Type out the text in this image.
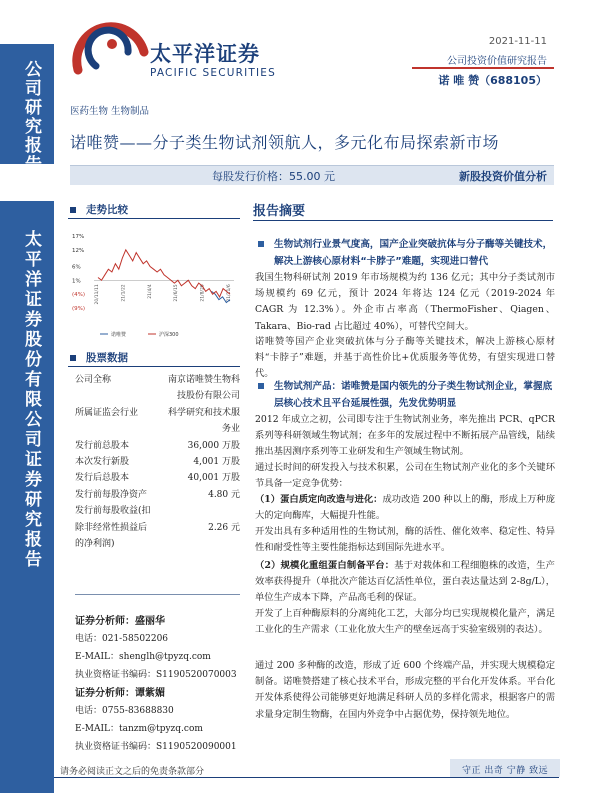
公司研究报告
太平洋证券股份有限公司证券研究报告
太平洋证券
PACIFIC SECURITIES
2021-11-11
公司投资价值研究报告
诺 唯 赞（688105）
医药生物 生物制品
诺唯赞——分子类生物试剂领航人，多元化布局探索新市场
每股发行价格：55.00 元	新股投资价值分析
走势比较
17%
12%
6%
1%
(4%)
(9%)
20/11/11	21/1/22	21/4/4	21/6/15	21/8/26	21/11/6
诺唯赞	沪深300
股票数据
公司全称	南京诺唯赞生物科
技股份有限公司
所属证监会行业	科学研究和技术服
务业
发行前总股本	36,000 万股
本次发行新股	4,001 万股
发行后总股本	40,001 万股
发行前每股净资产	4.80 元
发行前每股收益(扣
除非经常性损益后	2.26 元
的净利润)
证券分析师：盛丽华
电话：021-58502206
E-MAIL：shenglh@tpyzq.com
执业资格证书编码：S1190520070003
证券分析师：谭紫媚
电话：0755-83688830
E-MAIL：tanzm@tpyzq.com
执业资格证书编码：S1190520090001
报告摘要
生物试剂行业景气度高，国产企业突破抗体与分子酶等关键技术，解决上游核心原材料“卡脖子”难题，实现进口替代
我国生物科研试剂 2019 年市场规模为约 136 亿元；其中分子类试剂市场规模约 69 亿元，预计 2024 年将达 124 亿元（2019-2024 年 CAGR 为 12.3%）。外企市占率高（ThermoFisher、Qiagen、Takara、Bio-rad 占比超过 40%），可替代空间大。
诺唯赞等国产企业突破抗体与分子酶等关键技术，解决上游核心原材料“卡脖子”难题，并基于高性价比+优质服务等优势，有望实现进口替代。
生物试剂产品：诺唯赞是国内领先的分子类生物试剂企业，掌握底层核心技术且平台延展性强，先发优势明显
2012 年成立之初，公司即专注于生物试剂业务，率先推出 PCR、qPCR 系列等科研领域生物试剂；在多年的发展过程中不断拓展产品管线，陆续推出基因测序系列等工业研发和生产领域生物试剂。
通过长时间的研发投入与技术积累，公司在生物试剂产业化的多个关键环节具备一定竞争优势：
（1）蛋白质定向改造与进化：成功改造 200 种以上的酶，形成上万种庞大的定向酶库，大幅提升性能。
开发出具有多种适用性的生物试剂，酶的活性、催化效率、稳定性、特异性和耐受性等主要性能指标达到国际先进水平。
（2）规模化重组蛋白制备平台：基于对载体和工程细胞株的改造，生产效率获得提升（单批次产能达百亿活性单位，蛋白表达量达到 2-8g/L），单位生产成本下降，产品高毛利的保证。
开发了上百种酶原料的分离纯化工艺，大部分均已实现规模化量产，满足工业化的生产需求（工业化放大生产的壁垒远高于实验室级别的表达）。
通过 200 多种酶的改造，形成了近 600 个终端产品，并实现大规模稳定制备。诺唯赞搭建了核心技术平台，形成完整的平台化开发体系。平台化开发体系使得公司能够更好地满足科研人员的多样化需求，根据客户的需求量身定制生物酶，在国内外竞争中占据优势，保持领先地位。
请务必阅读正文之后的免责条款部分	守正 出奇 宁静 致远
